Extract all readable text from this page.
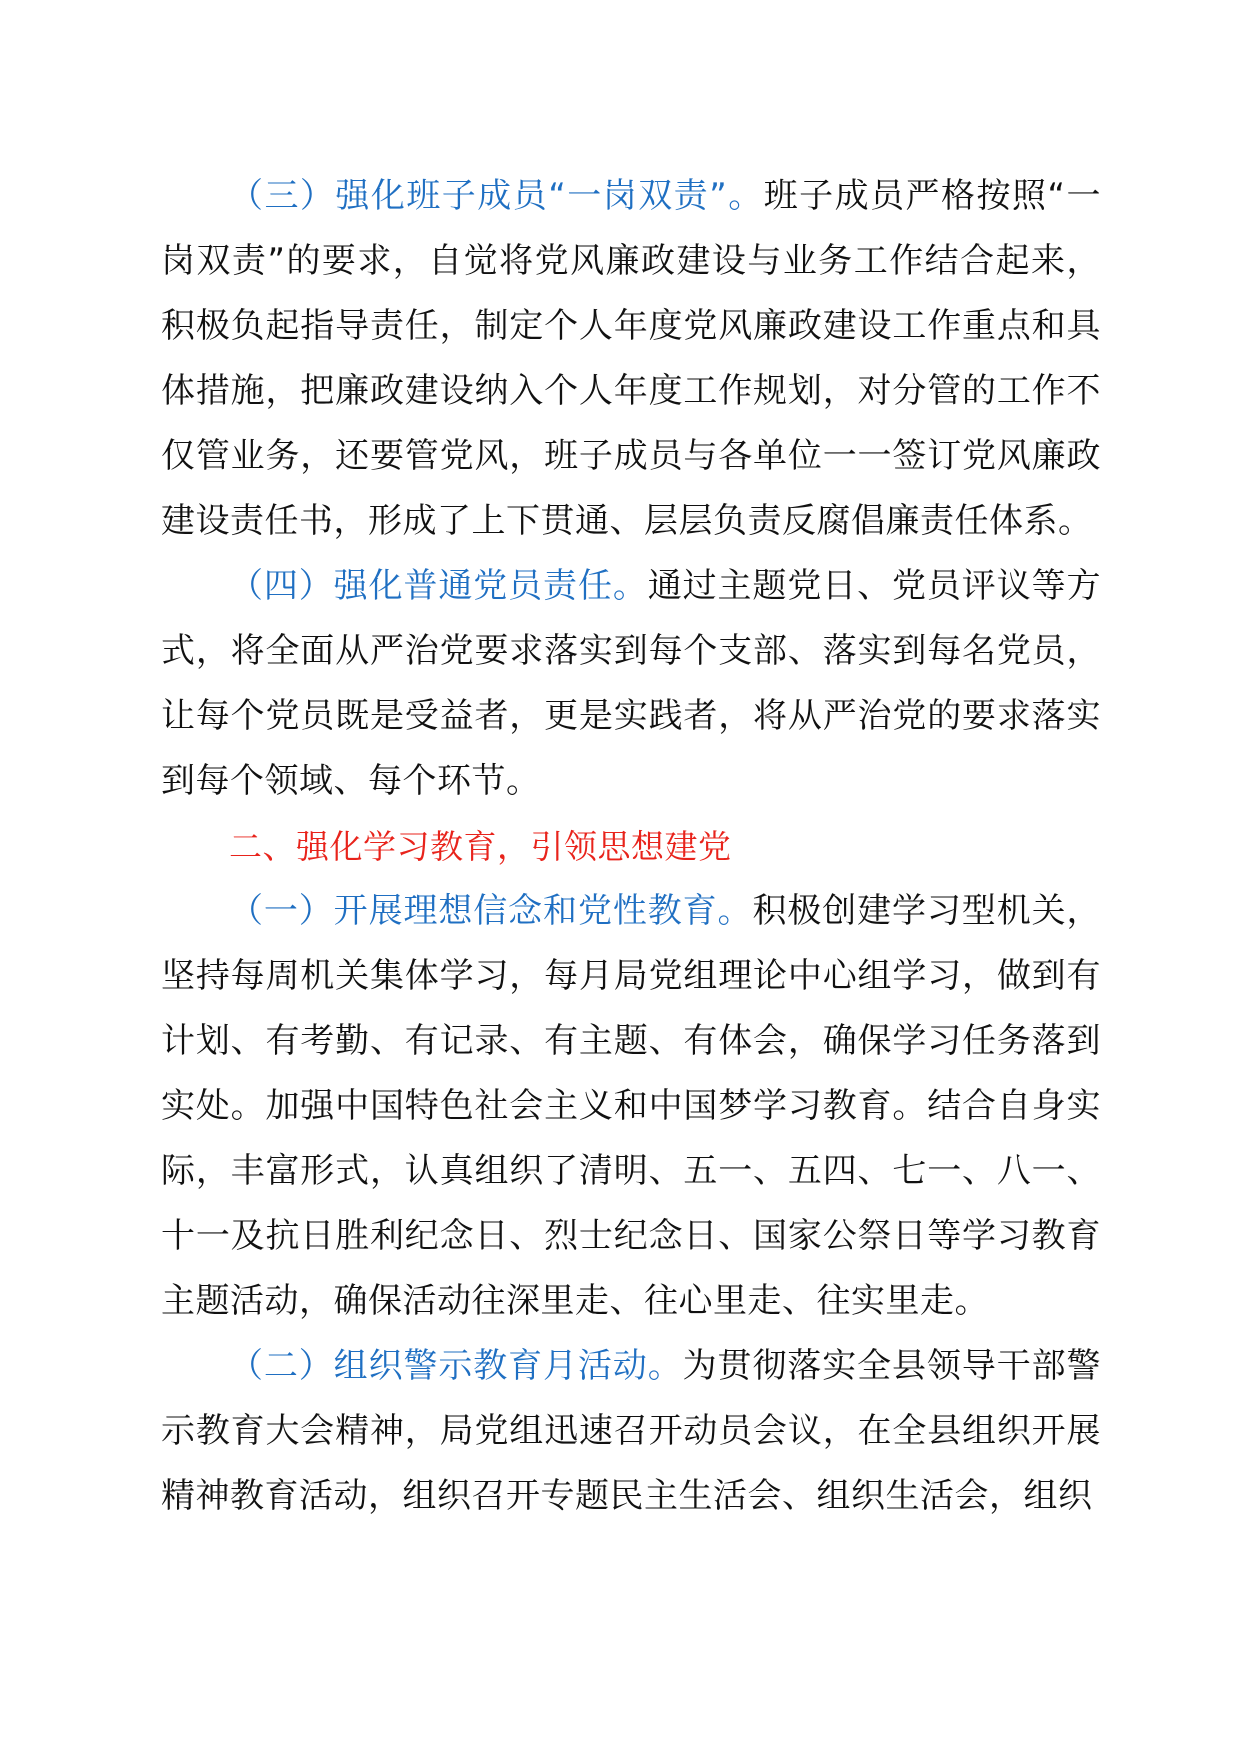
（三）强化班子成员“一岗双责”。班子成员严格按照“一岗双责”的要求，自觉将党风廉政建设与业务工作结合起来，积极负起指导责任，制定个人年度党风廉政建设工作重点和具体措施，把廉政建设纳入个人年度工作规划，对分管的工作不仅管业务，还要管党风，班子成员与各单位一一签订党风廉政建设责任书，形成了上下贯通、层层负责反腐倡廉责任体系。

（四）强化普通党员责任。通过主题党日、党员评议等方式，将全面从严治党要求落实到每个支部、落实到每名党员，让每个党员既是受益者，更是实践者，将从严治党的要求落实到每个领域、每个环节。

二、强化学习教育，引领思想建党

（一）开展理想信念和党性教育。积极创建学习型机关，坚持每周机关集体学习，每月局党组理论中心组学习，做到有计划、有考勤、有记录、有主题、有体会，确保学习任务落到实处。加强中国特色社会主义和中国梦学习教育。结合自身实际，丰富形式，认真组织了清明、五一、五四、七一、八一、十一及抗日胜利纪念日、烈士纪念日、国家公祭日等学习教育主题活动，确保活动往深里走、往心里走、往实里走。

（二）组织警示教育月活动。为贯彻落实全县领导干部警示教育大会精神，局党组迅速召开动员会议，在全县组织开展精神教育活动，组织召开专题民主生活会、组织生活会，组织
